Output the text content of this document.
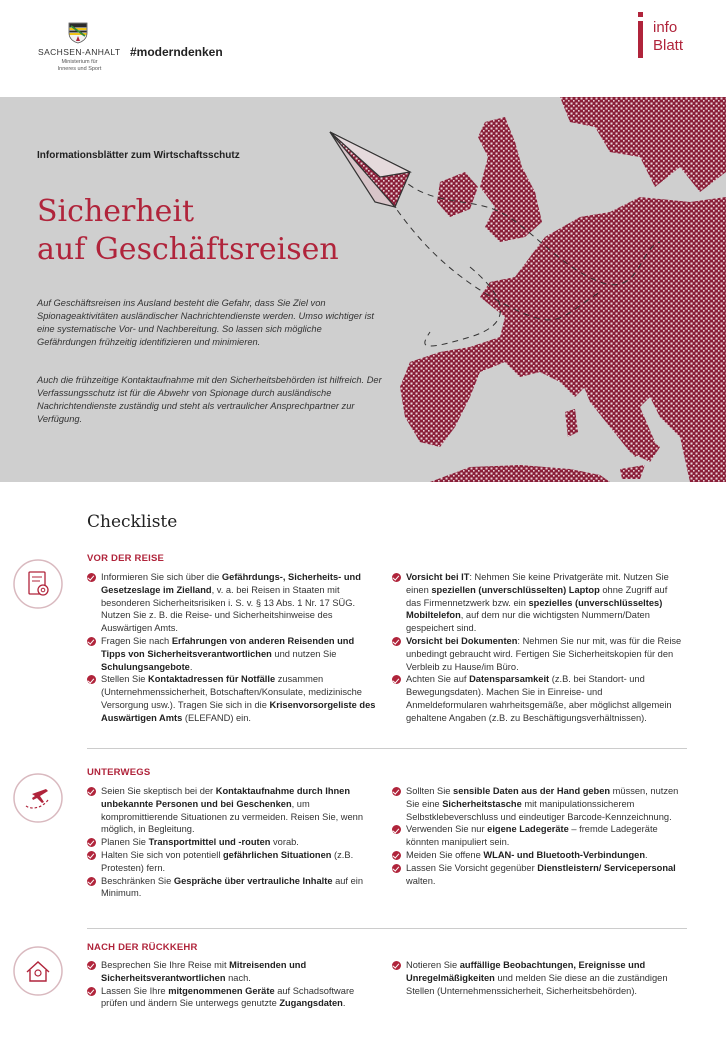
SACHSEN-ANHALT
Ministerium für
Inneres und Sport
#moderndenken
info
Blatt
Informationsblätter zum Wirtschaftsschutz
Sicherheit
auf Geschäftsreisen

Auf Geschäftsreisen ins Ausland besteht die Gefahr, dass Sie Ziel von Spionageaktivitäten ausländischer Nachrichtendienste werden. Umso wichtiger ist eine systematische Vor- und Nachbereitung. So lassen sich mögliche Gefährdungen frühzeitig identifizieren und minimieren.

Auch die frühzeitige Kontaktaufnahme mit den Sicherheitsbehörden ist hilfreich. Der Verfassungsschutz ist für die Abwehr von Spionage durch ausländische Nachrichtendienste zuständig und steht als vertraulicher Ansprechpartner zur Verfügung.

Checkliste
VOR DER REISE
Informieren Sie sich über die Gefährdungs-, Sicherheits- und Gesetzeslage im Zielland, v. a. bei Reisen in Staaten mit besonderen Sicherheitsrisiken i. S. v. § 13 Abs. 1 Nr. 17 SÜG. Nutzen Sie z. B. die Reise- und Sicherheitshinweise des Auswärtigen Amts.
Fragen Sie nach Erfahrungen von anderen Reisenden und Tipps von Sicherheitsverantwortlichen und nutzen Sie Schulungsangebote.
Stellen Sie Kontaktadressen für Notfälle zusammen (Unternehmenssicherheit, Botschaften/Konsulate, medizinische Versorgung usw.). Tragen Sie sich in die Krisenvorsorgeliste des Auswärtigen Amts (ELEFAND) ein.
Vorsicht bei IT: Nehmen Sie keine Privatgeräte mit. Nutzen Sie einen speziellen (unverschlüsselten) Laptop ohne Zugriff auf das Firmennetzwerk bzw. ein spezielles (unverschlüsseltes) Mobiltelefon, auf dem nur die wichtigsten Nummern/Daten gespeichert sind.
Vorsicht bei Dokumenten: Nehmen Sie nur mit, was für die Reise unbedingt gebraucht wird. Fertigen Sie Sicherheitskopien für den Verbleib zu Hause/im Büro.
Achten Sie auf Datensparsamkeit (z.B. bei Standort- und Bewegungsdaten). Machen Sie in Einreise- und Anmeldeformularen wahrheitsgemäße, aber möglichst allgemein gehaltene Angaben (z.B. zu Beschäftigungsverhältnissen).
UNTERWEGS
Seien Sie skeptisch bei der Kontaktaufnahme durch Ihnen unbekannte Personen und bei Geschenken, um kompromittierende Situationen zu vermeiden. Reisen Sie, wenn möglich, in Begleitung.
Planen Sie Transportmittel und -routen vorab.
Halten Sie sich von potentiell gefährlichen Situationen (z.B. Protesten) fern.
Beschränken Sie Gespräche über vertrauliche Inhalte auf ein Minimum.
Sollten Sie sensible Daten aus der Hand geben müssen, nutzen Sie eine Sicherheitstasche mit manipulationssicherem Selbstklebeverschluss und eindeutiger Barcode-Kennzeichnung.
Verwenden Sie nur eigene Ladegeräte – fremde Ladegeräte könnten manipuliert sein.
Meiden Sie offene WLAN- und Bluetooth-Verbindungen.
Lassen Sie Vorsicht gegenüber Dienstleistern/ Servicepersonal walten.
NACH DER RÜCKKEHR
Besprechen Sie Ihre Reise mit Mitreisenden und Sicherheitsverantwortlichen nach.
Lassen Sie Ihre mitgenommenen Geräte auf Schadsoftware prüfen und ändern Sie unterwegs genutzte Zugangsdaten.
Notieren Sie auffällige Beobachtungen, Ereignisse und Unregelmäßigkeiten und melden Sie diese an die zuständigen Stellen (Unternehmenssicherheit, Sicherheitsbehörden).
